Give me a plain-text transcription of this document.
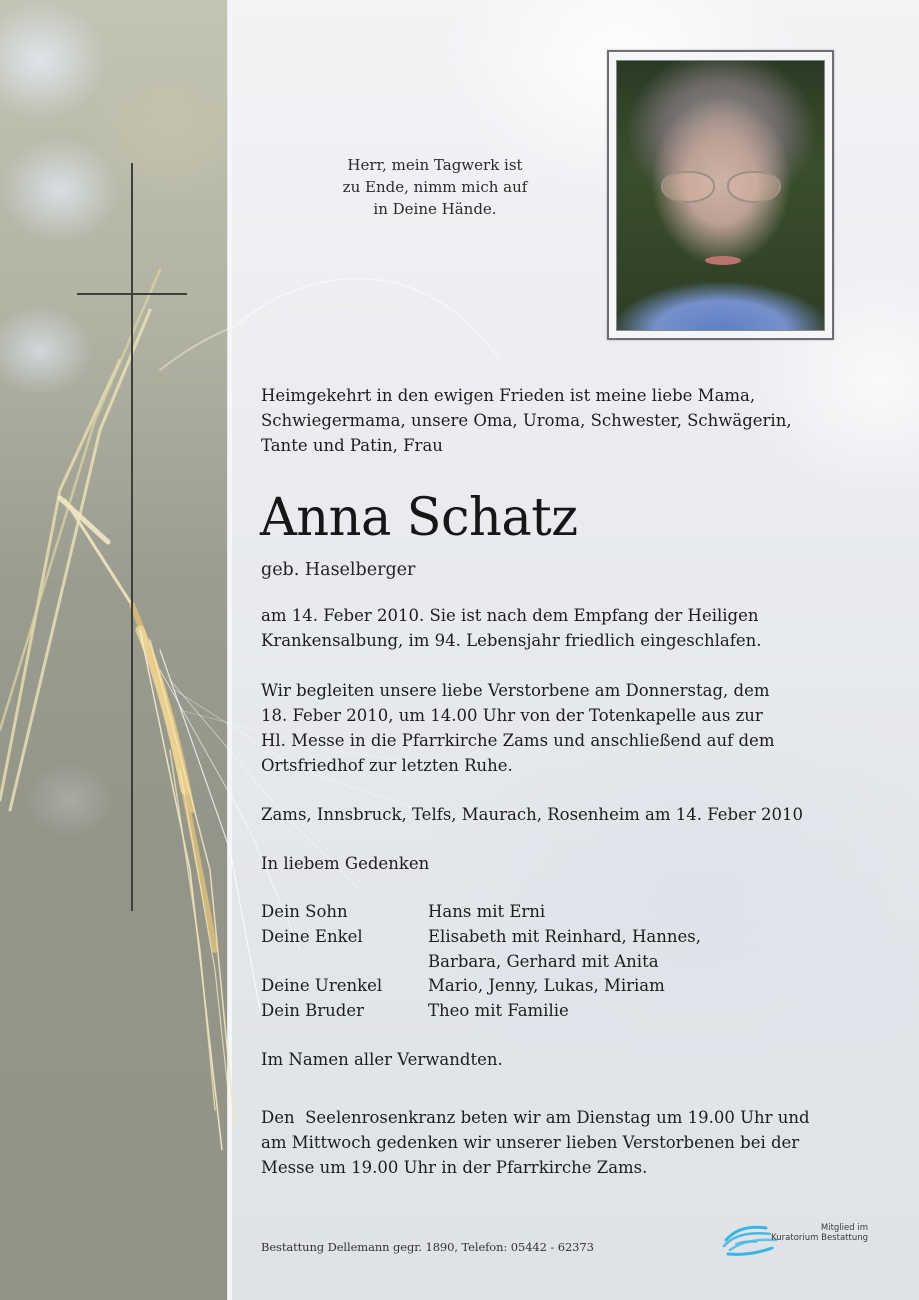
Herr, mein Tagwerk ist
zu Ende, nimm mich auf
in Deine Hände.
Heimgekehrt in den ewigen Frieden ist meine liebe Mama,
Schwiegermama, unsere Oma, Uroma, Schwester, Schwägerin,
Tante und Patin, Frau
Anna Schatz
geb. Haselberger
am 14. Feber 2010. Sie ist nach dem Empfang der Heiligen
Krankensalbung, im 94. Lebensjahr friedlich eingeschlafen.
Wir begleiten unsere liebe Verstorbene am Donnerstag, dem
18. Feber 2010, um 14.00 Uhr von der Totenkapelle aus zur
Hl. Messe in die Pfarrkirche Zams und anschließend auf dem
Ortsfriedhof zur letzten Ruhe.
Zams, Innsbruck, Telfs, Maurach, Rosenheim am 14. Feber 2010
In liebem Gedenken
Dein Sohn	Hans mit Erni
Deine Enkel	Elisabeth mit Reinhard, Hannes,
Barbara, Gerhard mit Anita
Deine Urenkel	Mario, Jenny, Lukas, Miriam
Dein Bruder	Theo mit Familie
Im Namen aller Verwandten.
Den  Seelenrosenkranz beten wir am Dienstag um 19.00 Uhr und
am Mittwoch gedenken wir unserer lieben Verstorbenen bei der
Messe um 19.00 Uhr in der Pfarrkirche Zams.
Bestattung Dellemann gegr. 1890, Telefon: 05442 - 62373
Mitglied im
Kuratorium Bestattung
